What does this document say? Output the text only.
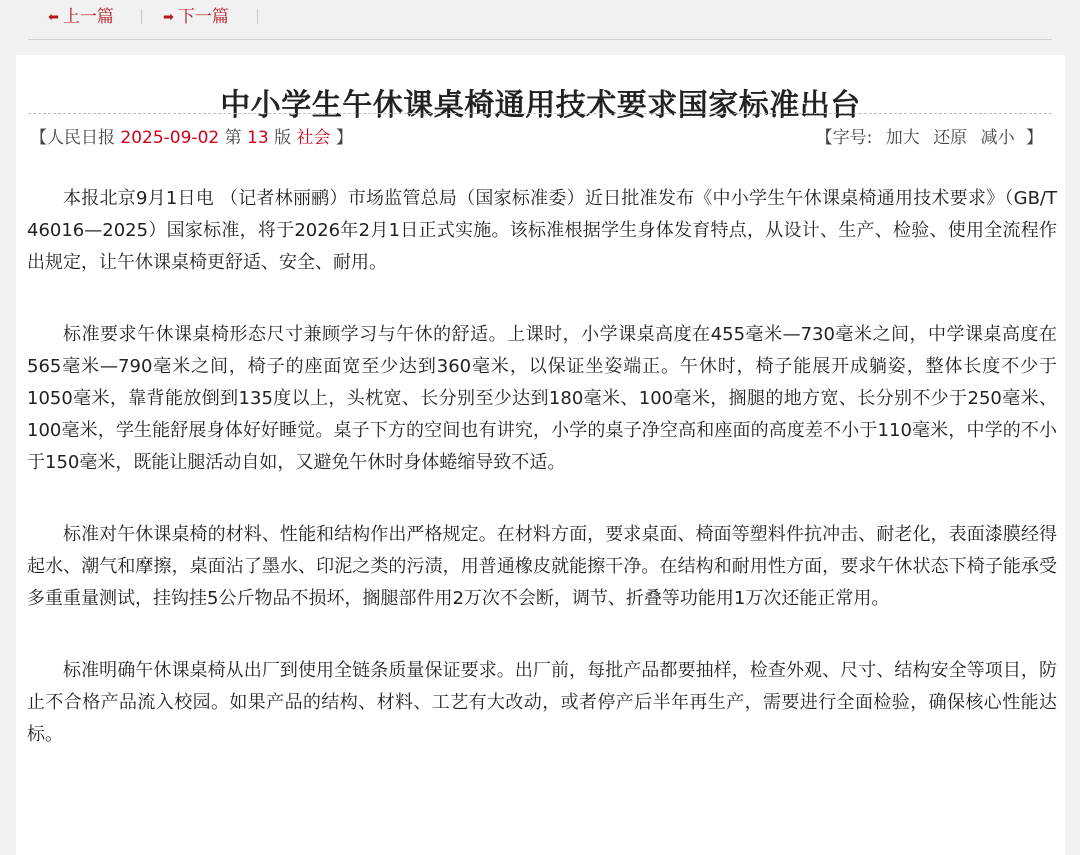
⬅︎ 上一篇	➡︎ 下一篇
中小学生午休课桌椅通用技术要求国家标准出台
【人民日报 2025-09-02 第 13 版 社会 】	【字号: 加大 还原 减小 】

本报北京9月1日电 （记者林丽鹂）市场监管总局（国家标准委）近日批准发布《中小学生午休课桌椅通用技术要求》（GB/T 46016—2025）国家标准，将于2026年2月1日正式实施。该标准根据学生身体发育特点，从设计、生产、检验、使用全流程作出规定，让午休课桌椅更舒适、安全、耐用。

标准要求午休课桌椅形态尺寸兼顾学习与午休的舒适。上课时，小学课桌高度在455毫米—730毫米之间，中学课桌高度在565毫米—790毫米之间，椅子的座面宽至少达到360毫米，以保证坐姿端正。午休时，椅子能展开成躺姿，整体长度不少于1050毫米，靠背能放倒到135度以上，头枕宽、长分别至少达到180毫米、100毫米，搁腿的地方宽、长分别不少于250毫米、100毫米，学生能舒展身体好好睡觉。桌子下方的空间也有讲究，小学的桌子净空高和座面的高度差不小于110毫米，中学的不小于150毫米，既能让腿活动自如，又避免午休时身体蜷缩导致不适。

标准对午休课桌椅的材料、性能和结构作出严格规定。在材料方面，要求桌面、椅面等塑料件抗冲击、耐老化，表面漆膜经得起水、潮气和摩擦，桌面沾了墨水、印泥之类的污渍，用普通橡皮就能擦干净。在结构和耐用性方面，要求午休状态下椅子能承受多重重量测试，挂钩挂5公斤物品不损坏，搁腿部件用2万次不会断，调节、折叠等功能用1万次还能正常用。

标准明确午休课桌椅从出厂到使用全链条质量保证要求。出厂前，每批产品都要抽样，检查外观、尺寸、结构安全等项目，防止不合格产品流入校园。如果产品的结构、材料、工艺有大改动，或者停产后半年再生产，需要进行全面检验，确保核心性能达标。
